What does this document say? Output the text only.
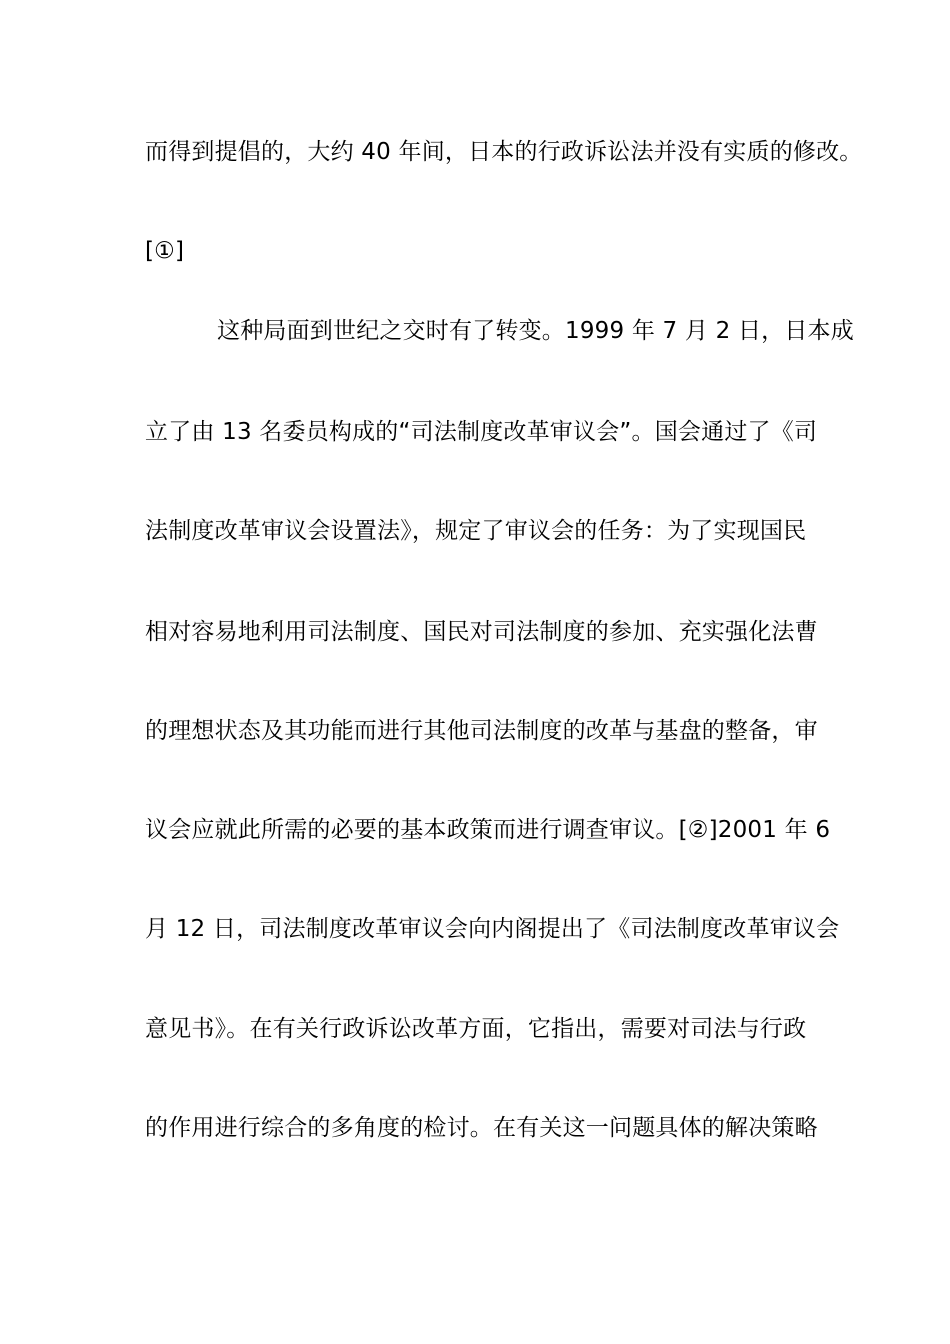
而得到提倡的，大约 40 年间，日本的行政诉讼法并没有实质的修改。
[①]
这种局面到世纪之交时有了转变。1999 年 7 月 2 日，日本成
立了由 13 名委员构成的“司法制度改革审议会”。国会通过了《司
法制度改革审议会设置法》，规定了审议会的任务：为了实现国民
相对容易地利用司法制度、国民对司法制度的参加、充实强化法曹
的理想状态及其功能而进行其他司法制度的改革与基盘的整备，审
议会应就此所需的必要的基本政策而进行调查审议。[②]2001 年 6
月 12 日，司法制度改革审议会向内阁提出了《司法制度改革审议会
意见书》。在有关行政诉讼改革方面，它指出，需要对司法与行政
的作用进行综合的多角度的检讨。在有关这一问题具体的解决策略
